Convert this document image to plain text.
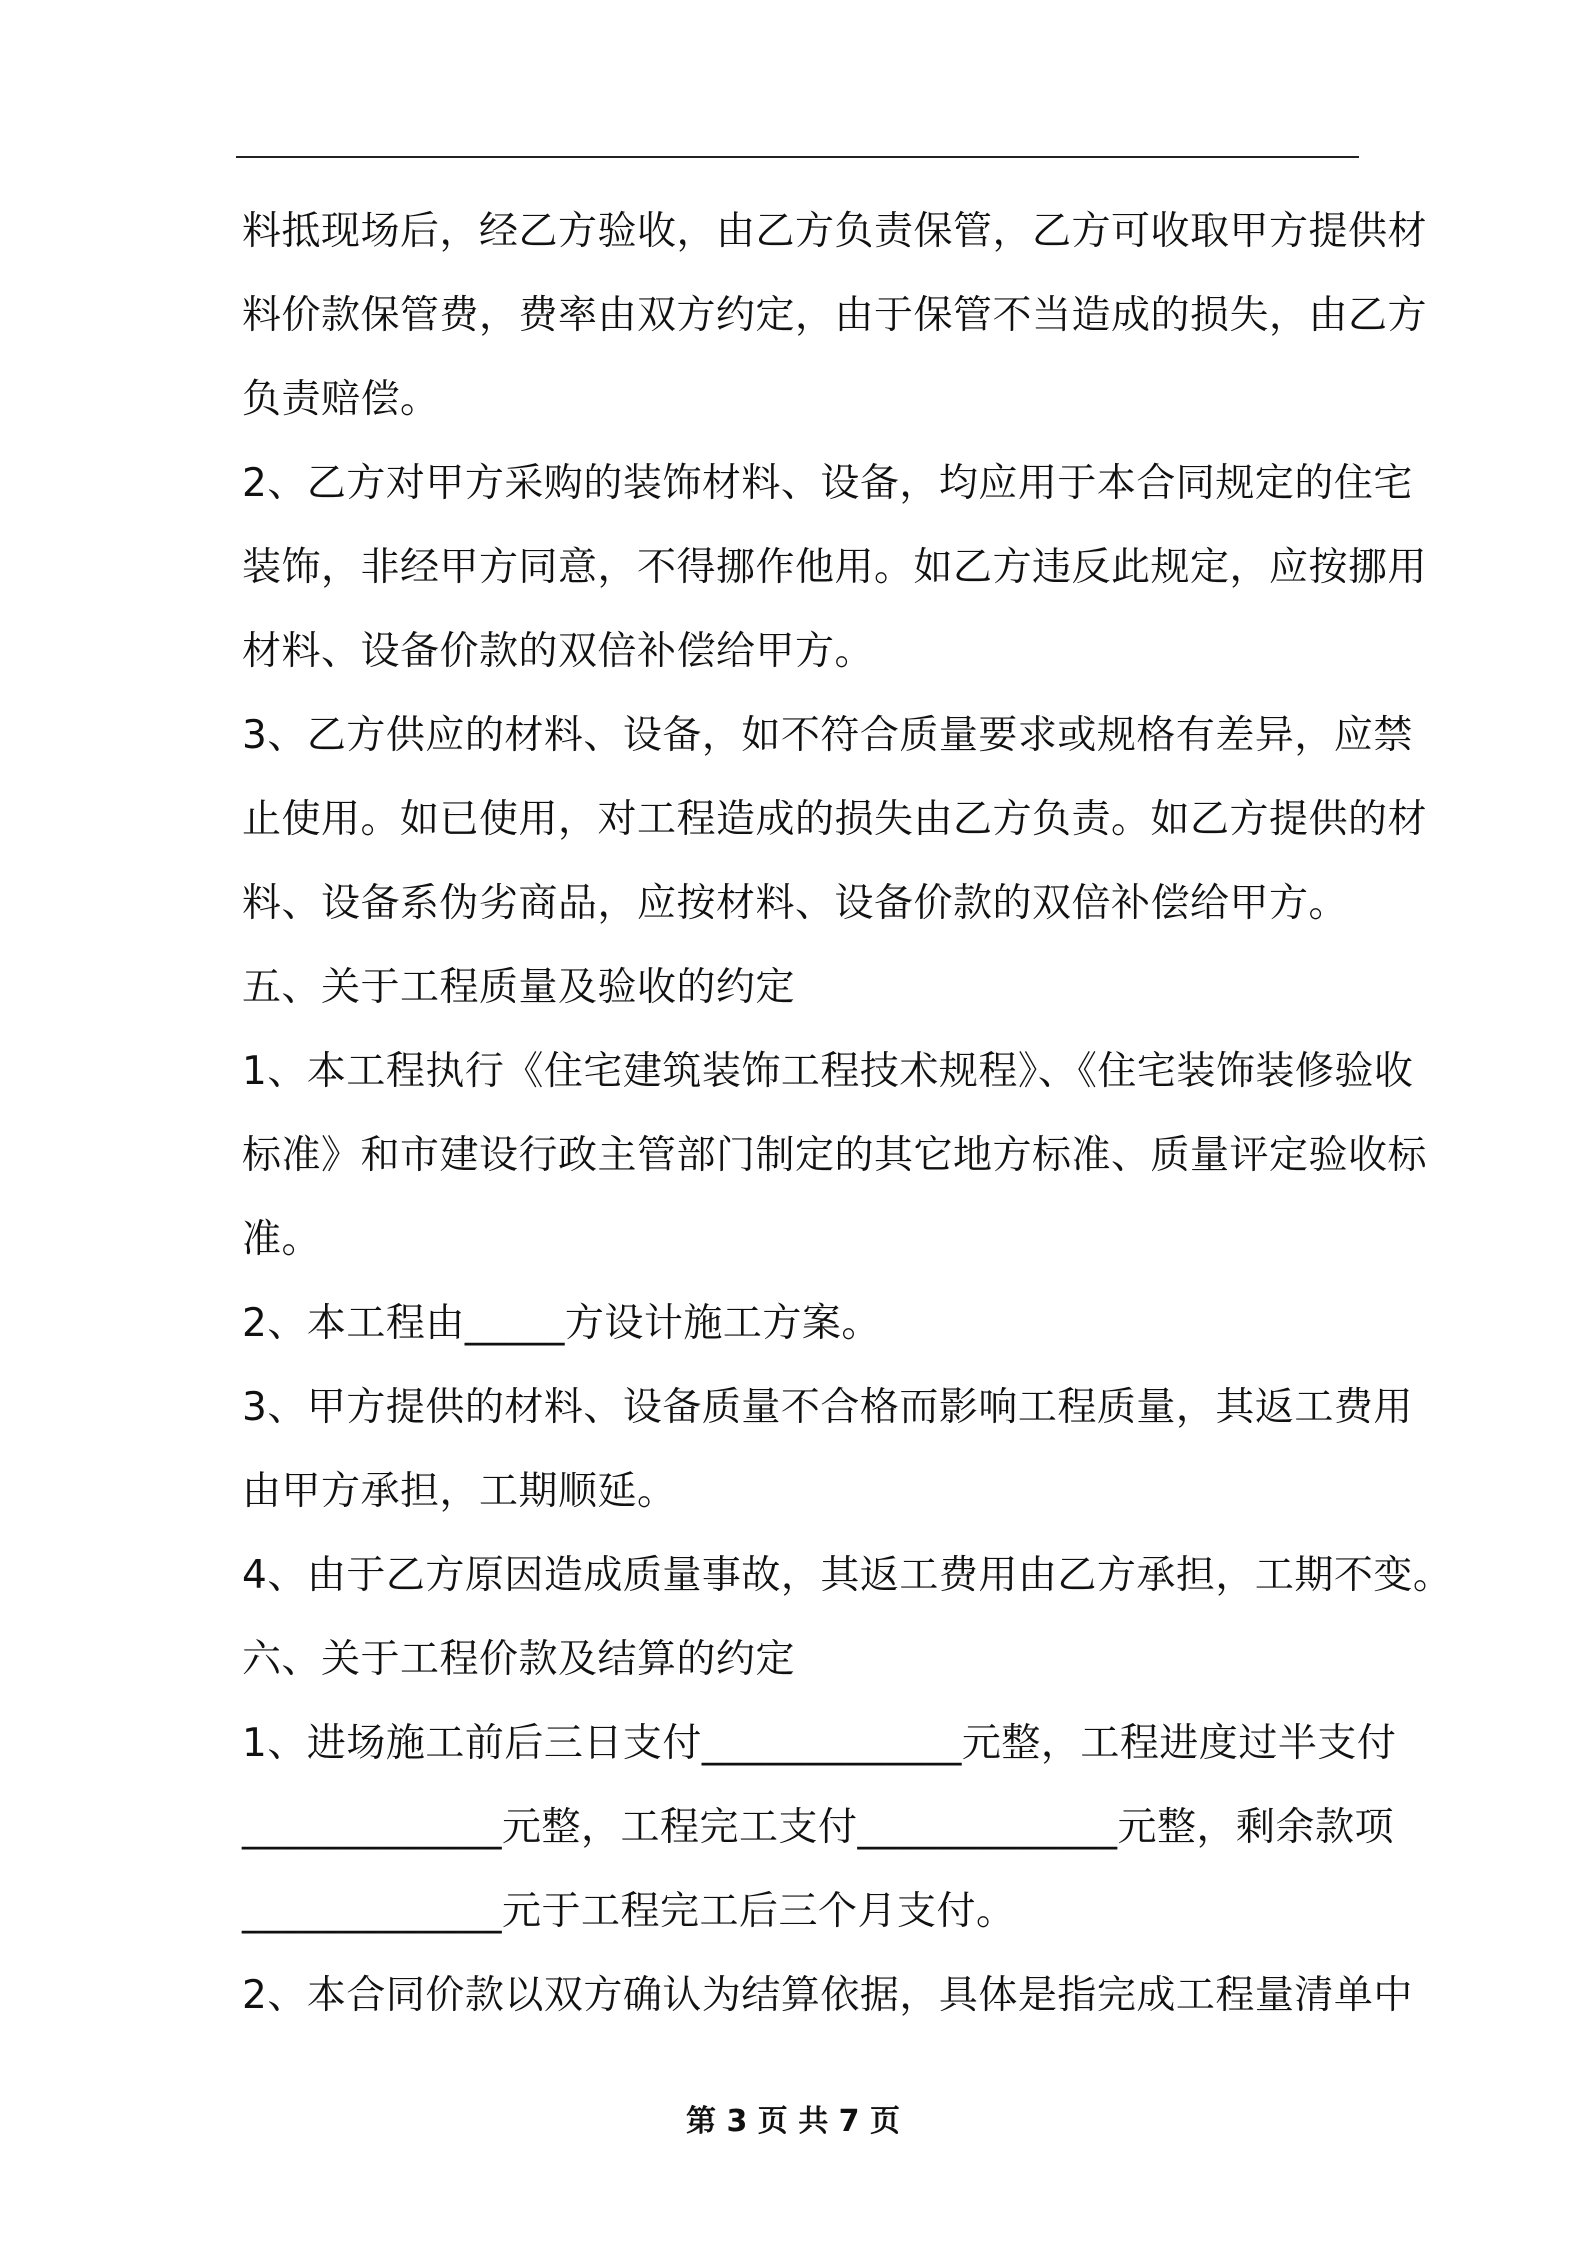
料抵现场后，经乙方验收，由乙方负责保管，乙方可收取甲方提供材
料价款保管费，费率由双方约定，由于保管不当造成的损失，由乙方
负责赔偿。
2、乙方对甲方采购的装饰材料、设备，均应用于本合同规定的住宅
装饰，非经甲方同意，不得挪作他用。如乙方违反此规定，应按挪用
材料、设备价款的双倍补偿给甲方。
3、乙方供应的材料、设备，如不符合质量要求或规格有差异，应禁
止使用。如已使用，对工程造成的损失由乙方负责。如乙方提供的材
料、设备系伪劣商品，应按材料、设备价款的双倍补偿给甲方。
五、关于工程质量及验收的约定
1、本工程执行《住宅建筑装饰工程技术规程》、《住宅装饰装修验收
标准》和市建设行政主管部门制定的其它地方标准、质量评定验收标
准。
2、本工程由_____方设计施工方案。
3、甲方提供的材料、设备质量不合格而影响工程质量，其返工费用
由甲方承担，工期顺延。
4、由于乙方原因造成质量事故，其返工费用由乙方承担，工期不变。
六、关于工程价款及结算的约定
1、进场施工前后三日支付_____________元整，工程进度过半支付
_____________元整，工程完工支付_____________元整，剩余款项
_____________元于工程完工后三个月支付。
2、本合同价款以双方确认为结算依据，具体是指完成工程量清单中
第 3 页 共 7 页
